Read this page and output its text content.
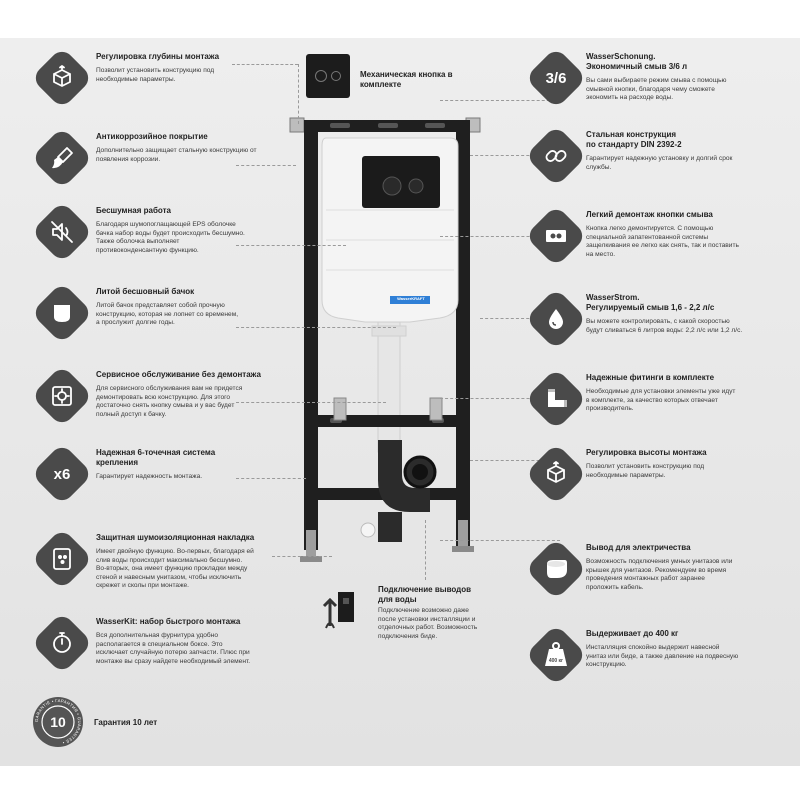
WasserKRAFT
Механическая кнопка в
комплекте
Подключение выводов
для воды
Подключение возможно даже
после установки инсталляции и
отделочных работ. Возможность
подключения биде.
GARANTIE • ГАРАНТИЯ • GUARANTEE •
10	Гарантия 10 лет
Регулировка глубины монтажа
Позволит установить конструкцию под
необходимые параметры.
Антикоррозийное покрытие
Дополнительно защищает стальную конструкцию от
появления коррозии.
Бесшумная работа
Благодаря шумопоглащающей EPS оболочке
бачка набор воды будет происходить бесшумно.
Также оболочка выполняет
противоконденсантную функцию.
Литой бесшовный бачок
Литой бачок представляет собой прочную
конструкцию, которая не лопнет со временем,
а прослужит долгие годы.
Сервисное обслуживание без демонтажа
Для сервисного обслуживания вам не придется
демонтировать всю конструкцию. Для этого
достаточно снять кнопку смыва и у вас будет
полный доступ к бачку.
x6
Надежная 6-точечная система
крепления
Гарантирует надежность монтажа.
Защитная шумоизоляционная накладка
Имеет двойную функцию. Во-первых, благодаря ей
слив воды происходит максимально бесшумно.
Во-вторых, она имеет функцию прокладки между
стеной и навесным унитазом, чтобы исключить
скрежет и сколы при монтаже.
WasserKit: набор быстрого монтажа
Вся дополнительная фурнитура удобно
располагается в специальном боксе. Это
исключает случайную потерю запчасти. Плюс при
монтаже вы сразу найдете необходимый элемент.
3/6
WasserSchonung.
Экономичный смыв 3/6 л
Вы сами выбираете режим смыва с помощью
смывной кнопки, благодаря чему сможете
экономить на расходе воды.
Стальная конструкция
по стандарту DIN 2392-2
Гарантирует надежную установку и долгий срок
службы.
Легкий демонтаж кнопки смыва
Кнопка легко демонтируется. С помощью
специальной запатентованной системы
защелкивания ее легко как снять, так и поставить
на место.
WasserStrom.
Регулируемый смыв 1,6 - 2,2 л/с
Вы можете контролировать, с какой скоростью
будут сливаться 6 литров воды: 2,2 л/с или 1,2 л/с.
Надежные фитинги в комплекте
Необходимые для установки элементы уже идут
в комплекте, за качество которых отвечает
производитель.
Регулировка высоты монтажа
Позволит установить конструкцию под
необходимые параметры.
Вывод для электричества
Возможность подключения умных унитазов или
крышек для унитазов. Рекомендуем во время
проведения монтажных работ заранее
проложить кабель.
400 кг
Выдерживает до 400 кг
Инсталляция спокойно выдержит навесной
унитаз или биде, а также давление на подвесную
конструкцию.
